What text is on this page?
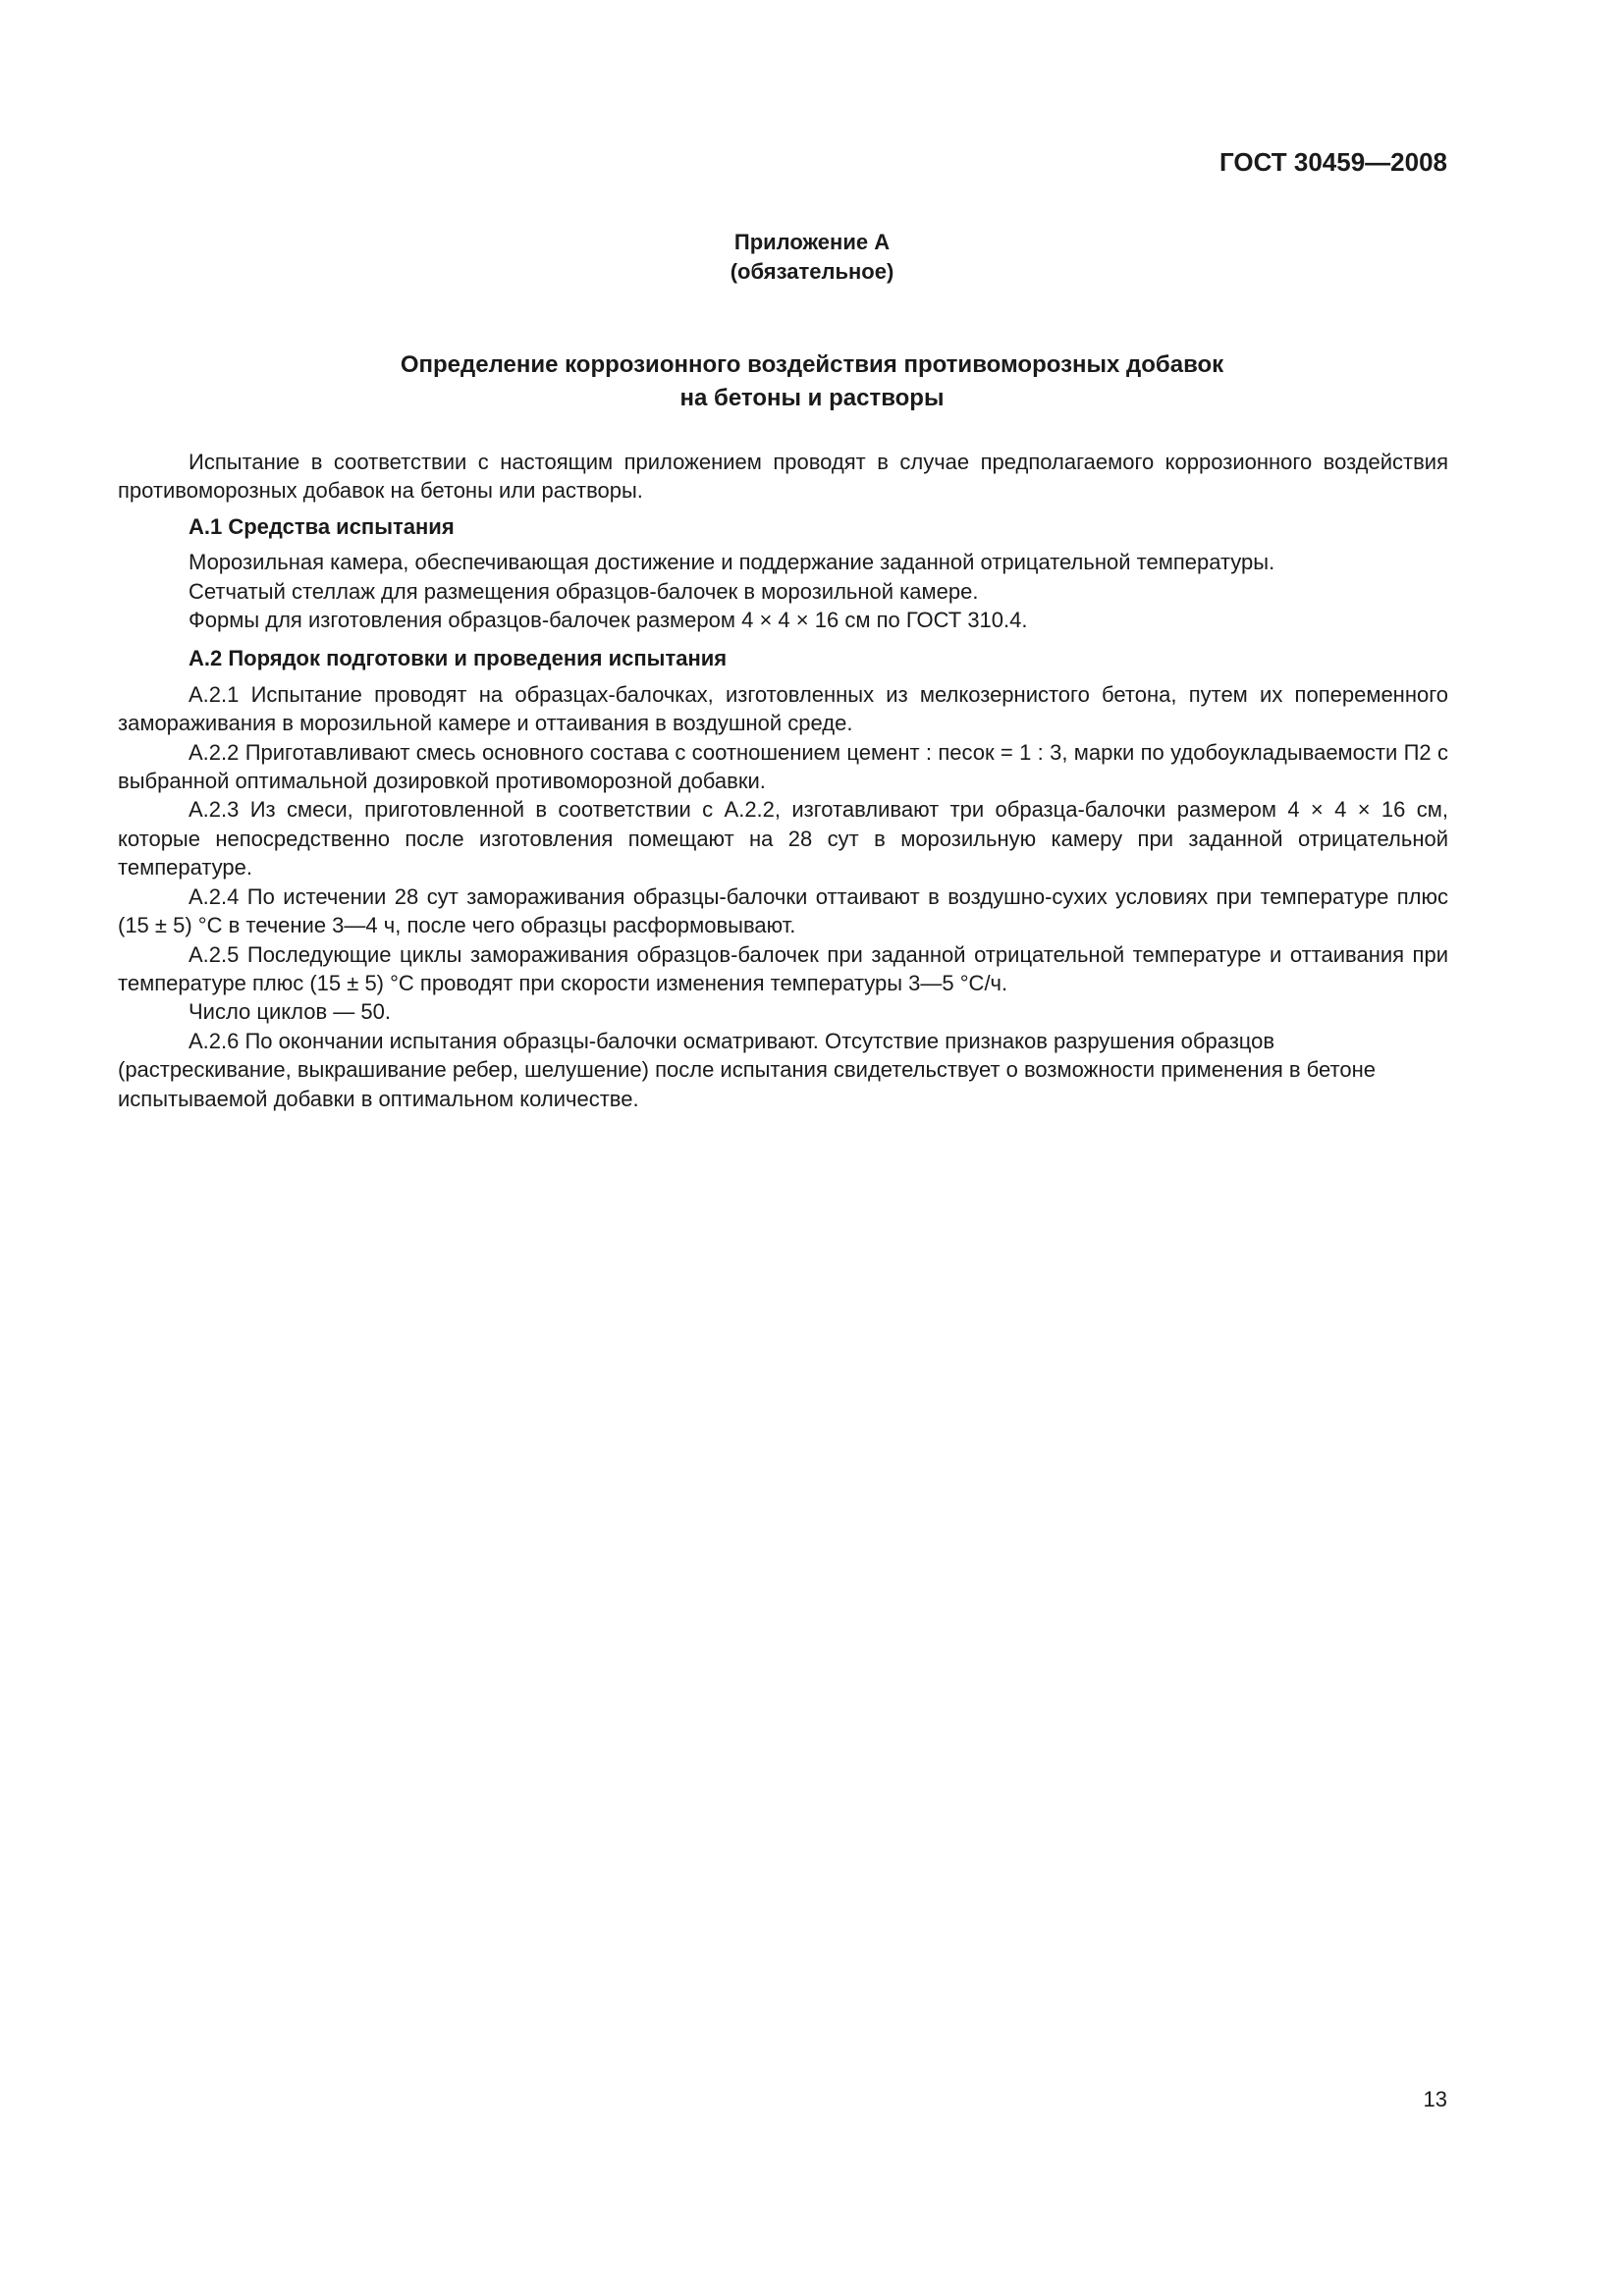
ГОСТ 30459—2008

Приложение А
(обязательное)
Определение коррозионного воздействия противоморозных добавок
на бетоны и растворы

Испытание в соответствии с настоящим приложением проводят в случае предполагаемого коррозионного воздействия противоморозных добавок на бетоны или растворы.

А.1 Средства испытания

Морозильная камера, обеспечивающая достижение и поддержание заданной отрицательной температуры.

Сетчатый стеллаж для размещения образцов-балочек в морозильной камере.

Формы для изготовления образцов-балочек размером 4 × 4 × 16 см по ГОСТ 310.4.

А.2 Порядок подготовки и проведения испытания

А.2.1 Испытание проводят на образцах-балочках, изготовленных из мелкозернистого бетона, путем их попеременного замораживания в морозильной камере и оттаивания в воздушной среде.

А.2.2 Приготавливают смесь основного состава с соотношением цемент : песок = 1 : 3, марки по удобоукладываемости П2 с выбранной оптимальной дозировкой противоморозной добавки.

А.2.3 Из смеси, приготовленной в соответствии с А.2.2, изготавливают три образца-балочки размером 4 × 4 × 16 см, которые непосредственно после изготовления помещают на 28 сут в морозильную камеру при заданной отрицательной температуре.

А.2.4 По истечении 28 сут замораживания образцы-балочки оттаивают в воздушно-сухих условиях при температуре плюс (15 ± 5) °С в течение 3—4 ч, после чего образцы расформовывают.

А.2.5 Последующие циклы замораживания образцов-балочек при заданной отрицательной температуре и оттаивания при температуре плюс (15 ± 5) °С проводят при скорости изменения температуры 3—5 °С/ч.

Число циклов — 50.

А.2.6 По окончании испытания образцы-балочки осматривают. Отсутствие признаков разрушения образцов (растрескивание, выкрашивание ребер, шелушение) после испытания свидетельствует о возможности применения в бетоне испытываемой добавки в оптимальном количестве.

13
